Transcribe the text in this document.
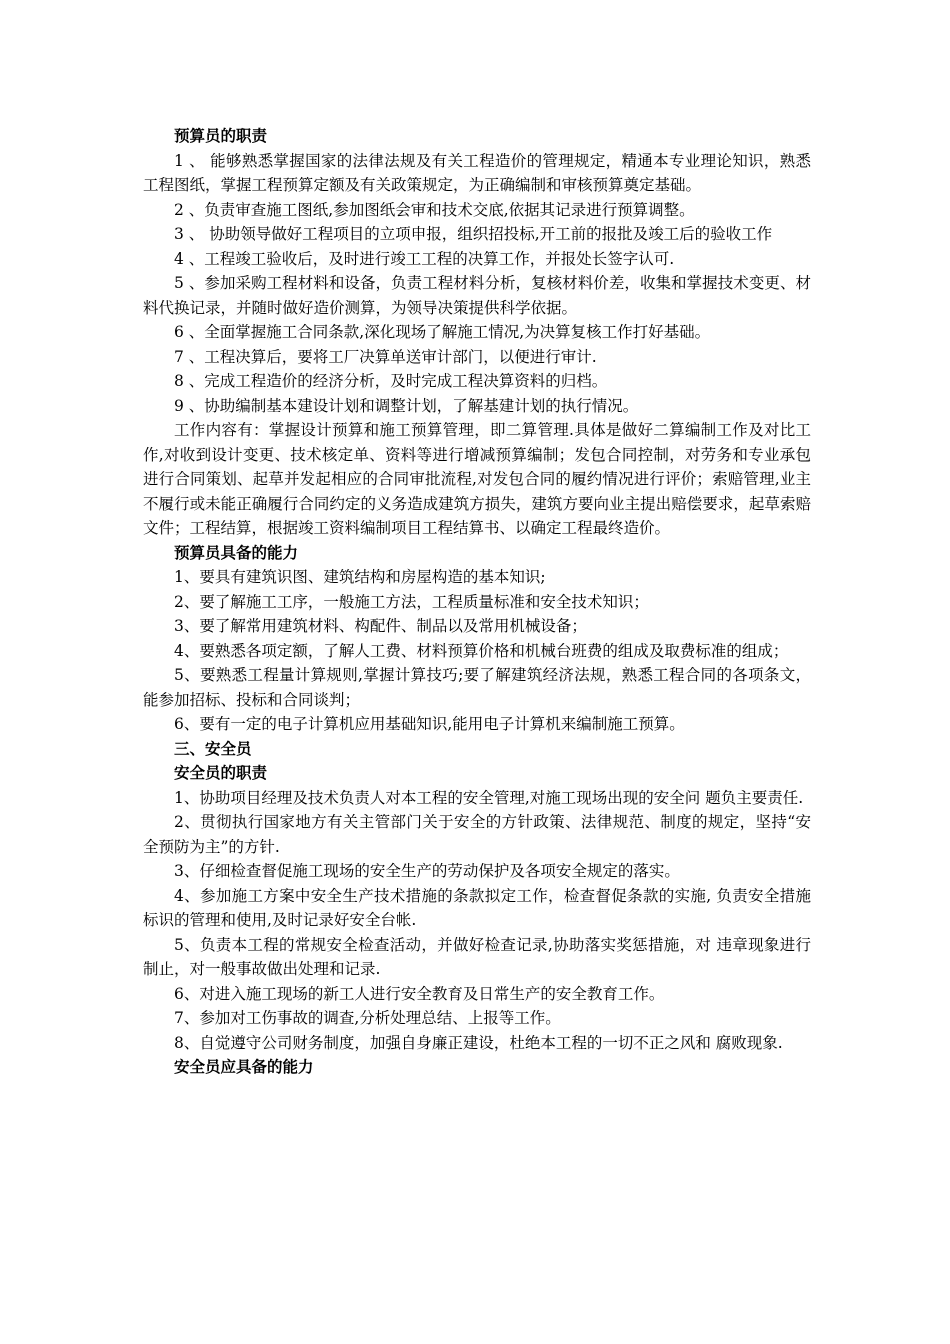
预算员的职责

1 、 能够熟悉掌握国家的法律法规及有关工程造价的管理规定，精通本专业理论知识，熟悉工程图纸，掌握工程预算定额及有关政策规定，为正确编制和审核预算奠定基础。

2 、负责审查施工图纸,参加图纸会审和技术交底,依据其记录进行预算调整。

3 、 协助领导做好工程项目的立项申报，组织招投标,开工前的报批及竣工后的验收工作

4 、工程竣工验收后，及时进行竣工工程的决算工作，并报处长签字认可.

5 、参加采购工程材料和设备，负责工程材料分析，复核材料价差，收集和掌握技术变更、材料代换记录，并随时做好造价测算，为领导决策提供科学依据。

6 、全面掌握施工合同条款,深化现场了解施工情况,为决算复核工作打好基础。

7 、工程决算后，要将工厂决算单送审计部门，以便进行审计.

8 、完成工程造价的经济分析，及时完成工程决算资料的归档。

9 、协助编制基本建设计划和调整计划，了解基建计划的执行情况。

工作内容有：掌握设计预算和施工预算管理，即二算管理.具体是做好二算编制工作及对比工作,对收到设计变更、技术核定单、资料等进行增减预算编制；发包合同控制，对劳务和专业承包进行合同策划、起草并发起相应的合同审批流程,对发包合同的履约情况进行评价；索赔管理,业主不履行或未能正确履行合同约定的义务造成建筑方损失，建筑方要向业主提出赔偿要求，起草索赔文件；工程结算，根据竣工资料编制项目工程结算书、以确定工程最终造价。

预算员具备的能力

1、要具有建筑识图、建筑结构和房屋构造的基本知识;

2、要了解施工工序，一般施工方法，工程质量标准和安全技术知识；

3、要了解常用建筑材料、构配件、制品以及常用机械设备；

4、要熟悉各项定额，了解人工费、材料预算价格和机械台班费的组成及取费标准的组成；

5、要熟悉工程量计算规则,掌握计算技巧;要了解建筑经济法规，熟悉工程合同的各项条文，能参加招标、投标和合同谈判；

6、要有一定的电子计算机应用基础知识,能用电子计算机来编制施工预算。

三、安全员

安全员的职责

1、协助项目经理及技术负责人对本工程的安全管理,对施工现场出现的安全问 题负主要责任.

2、贯彻执行国家地方有关主管部门关于安全的方针政策、法律规范、制度的规定，坚持“安全预防为主”的方针.

3、仔细检查督促施工现场的安全生产的劳动保护及各项安全规定的落实。

4、参加施工方案中安全生产技术措施的条款拟定工作，检查督促条款的实施, 负责安全措施标识的管理和使用,及时记录好安全台帐.

5、负责本工程的常规安全检查活动，并做好检查记录,协助落实奖惩措施，对 违章现象进行制止，对一般事故做出处理和记录.

6、对进入施工现场的新工人进行安全教育及日常生产的安全教育工作。

7、参加对工伤事故的调查,分析处理总结、上报等工作。

8、自觉遵守公司财务制度，加强自身廉正建设，杜绝本工程的一切不正之风和 腐败现象.

安全员应具备的能力
